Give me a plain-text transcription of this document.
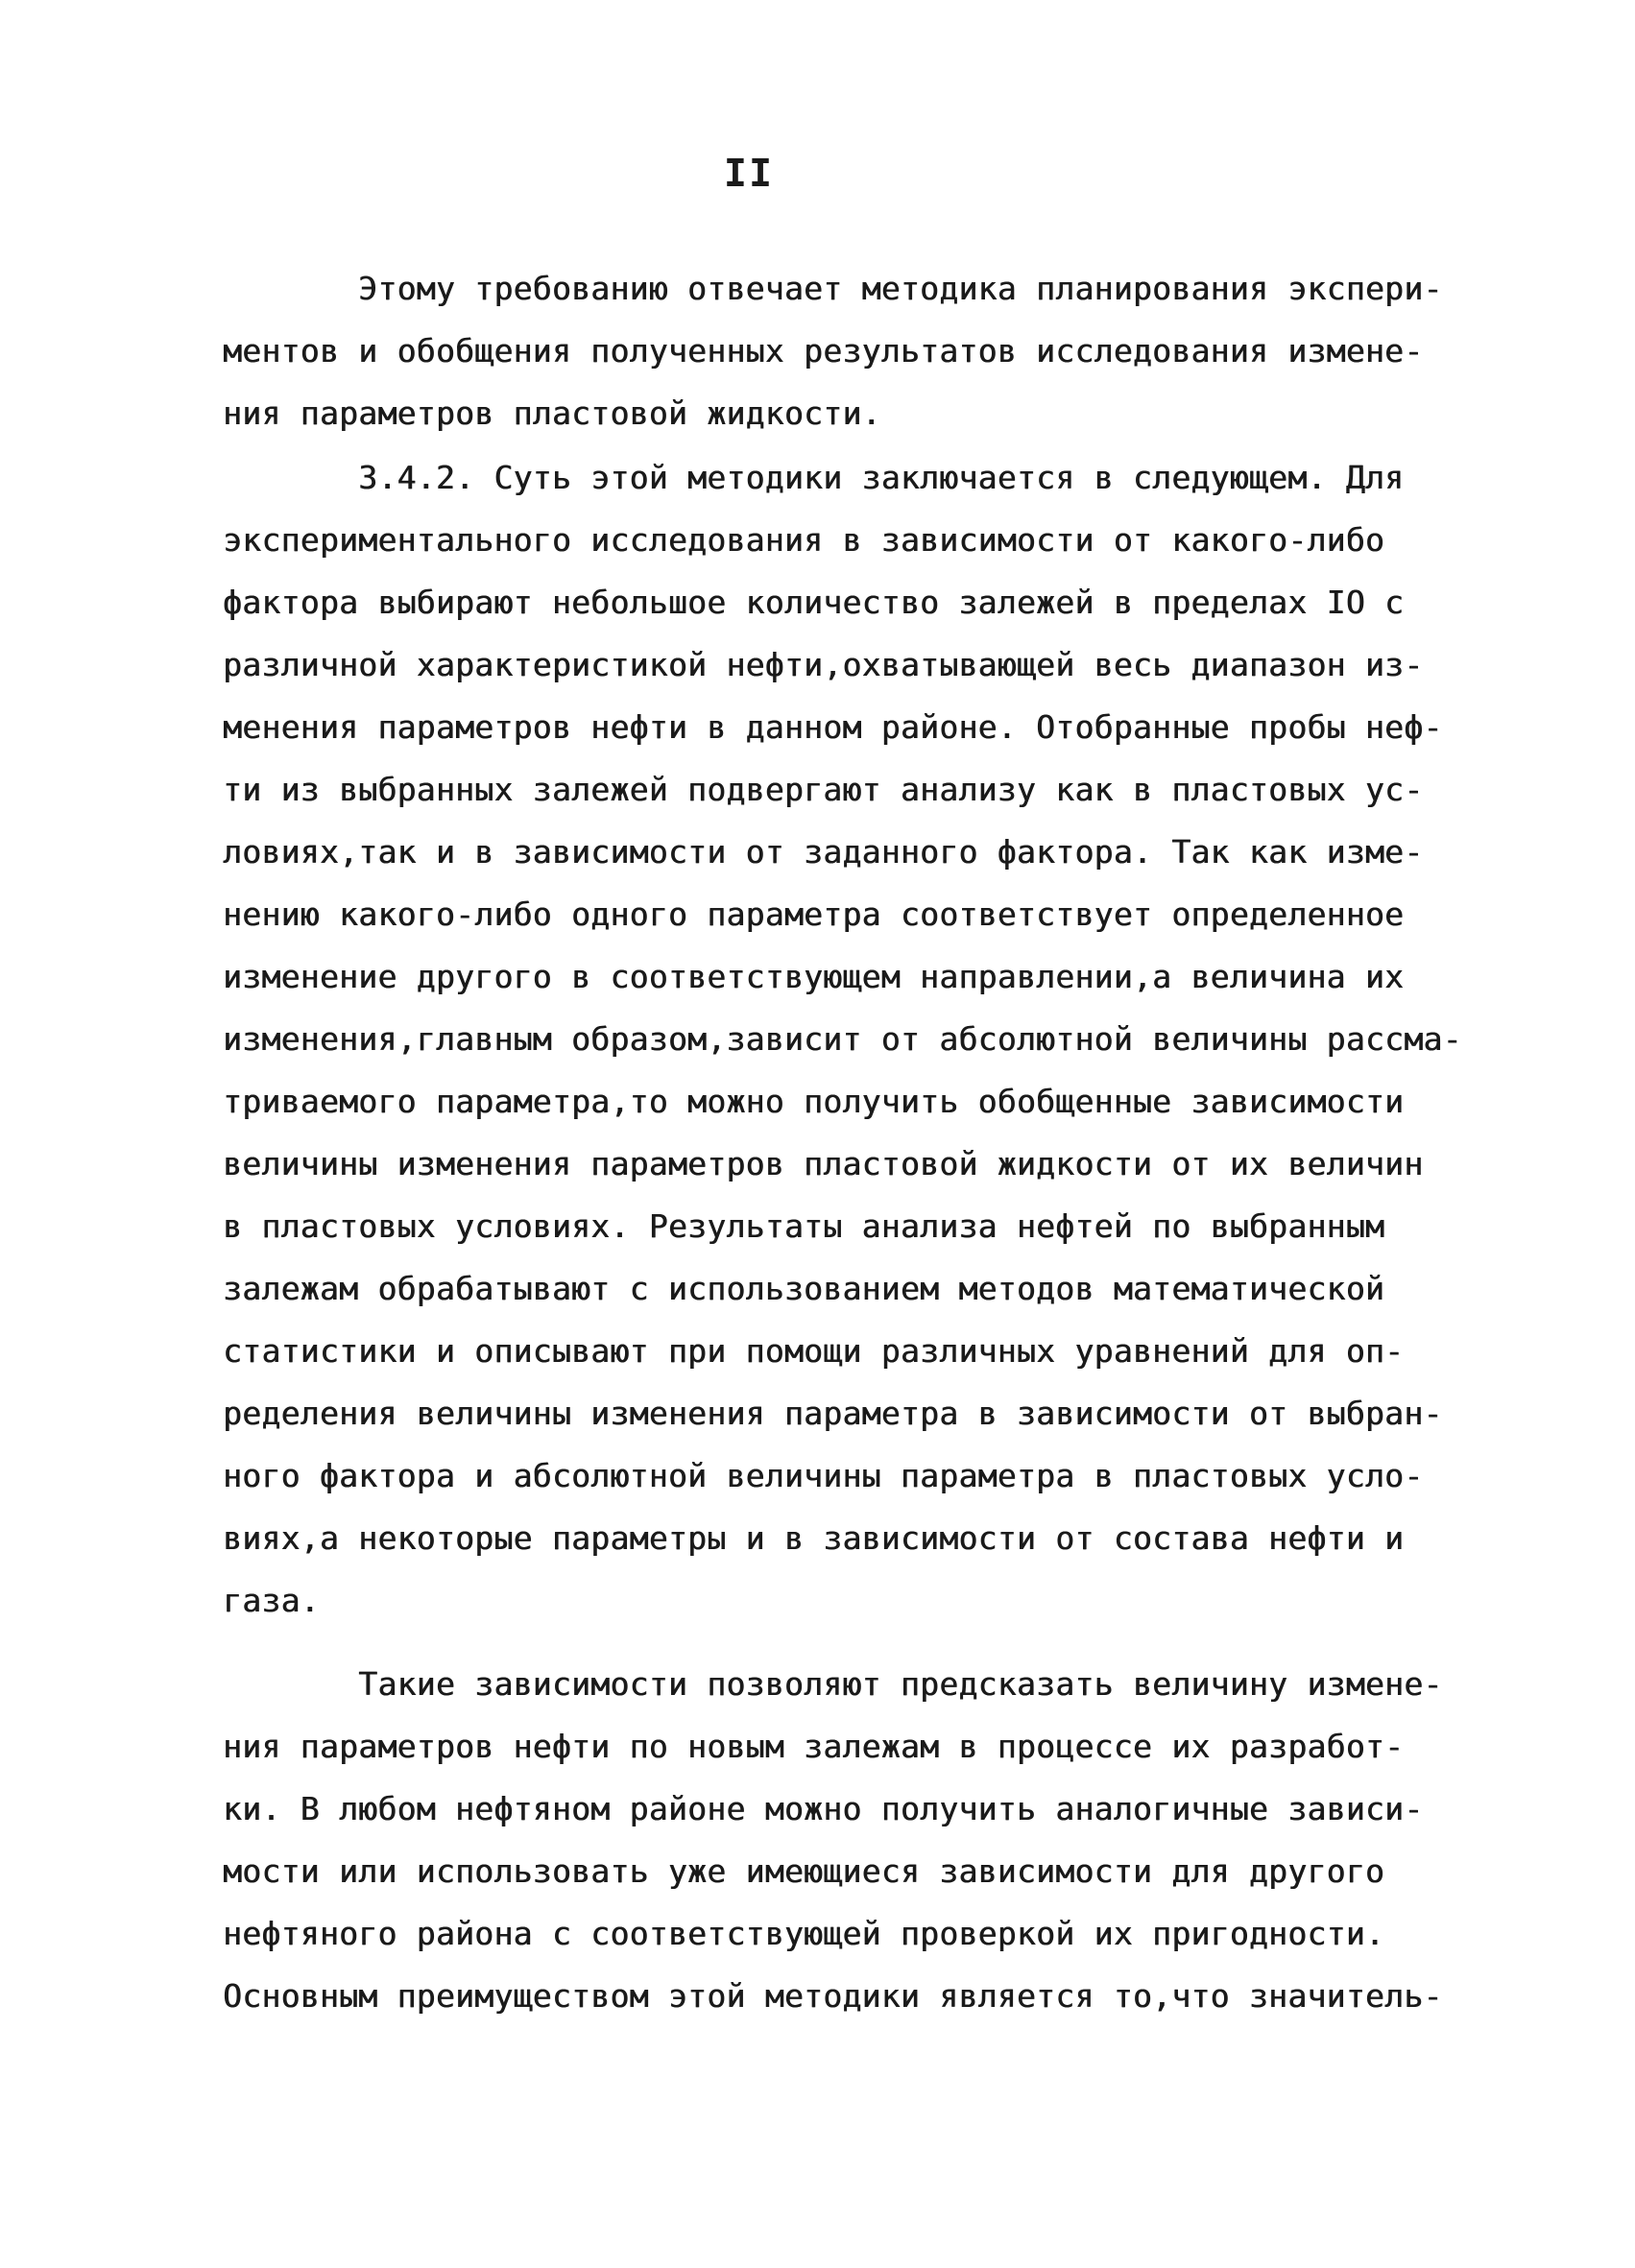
II
Этому требованию отвечает методика планирования экспери-
ментов и обобщения полученных результатов исследования измене-
ния параметров пластовой жидкости.
3.4.2. Суть этой методики заключается в следующем. Для
экспериментального исследования в зависимости от какого-либо
фактора выбирают небольшое количество залежей в пределах IO с
различной характеристикой нефти,охватывающей весь диапазон из-
менения параметров нефти в данном районе. Отобранные пробы неф-
ти из выбранных залежей подвергают анализу как в пластовых ус-
ловиях,так и в зависимости от заданного фактора. Так как изме-
нению какого-либо одного параметра соответствует определенное
изменение другого в соответствующем направлении,а величина их
изменения,главным образом,зависит от абсолютной величины рассма-
триваемого параметра,то можно получить обобщенные зависимости
величины изменения параметров пластовой жидкости от их величин
в пластовых условиях. Результаты анализа нефтей по выбранным
залежам обрабатывают с использованием методов математической
статистики и описывают при помощи различных уравнений для оп-
ределения величины изменения параметра в зависимости от выбран-
ного фактора и абсолютной величины параметра в пластовых усло-
виях,а некоторые параметры и в зависимости от состава нефти и
газа.
Такие зависимости позволяют предсказать величину измене-
ния параметров нефти по новым залежам в процессе их разработ-
ки. В любом нефтяном районе можно получить аналогичные зависи-
мости или использовать уже имеющиеся зависимости для другого
нефтяного района с соответствующей проверкой их пригодности.
Основным преимуществом этой методики является то,что значитель-
